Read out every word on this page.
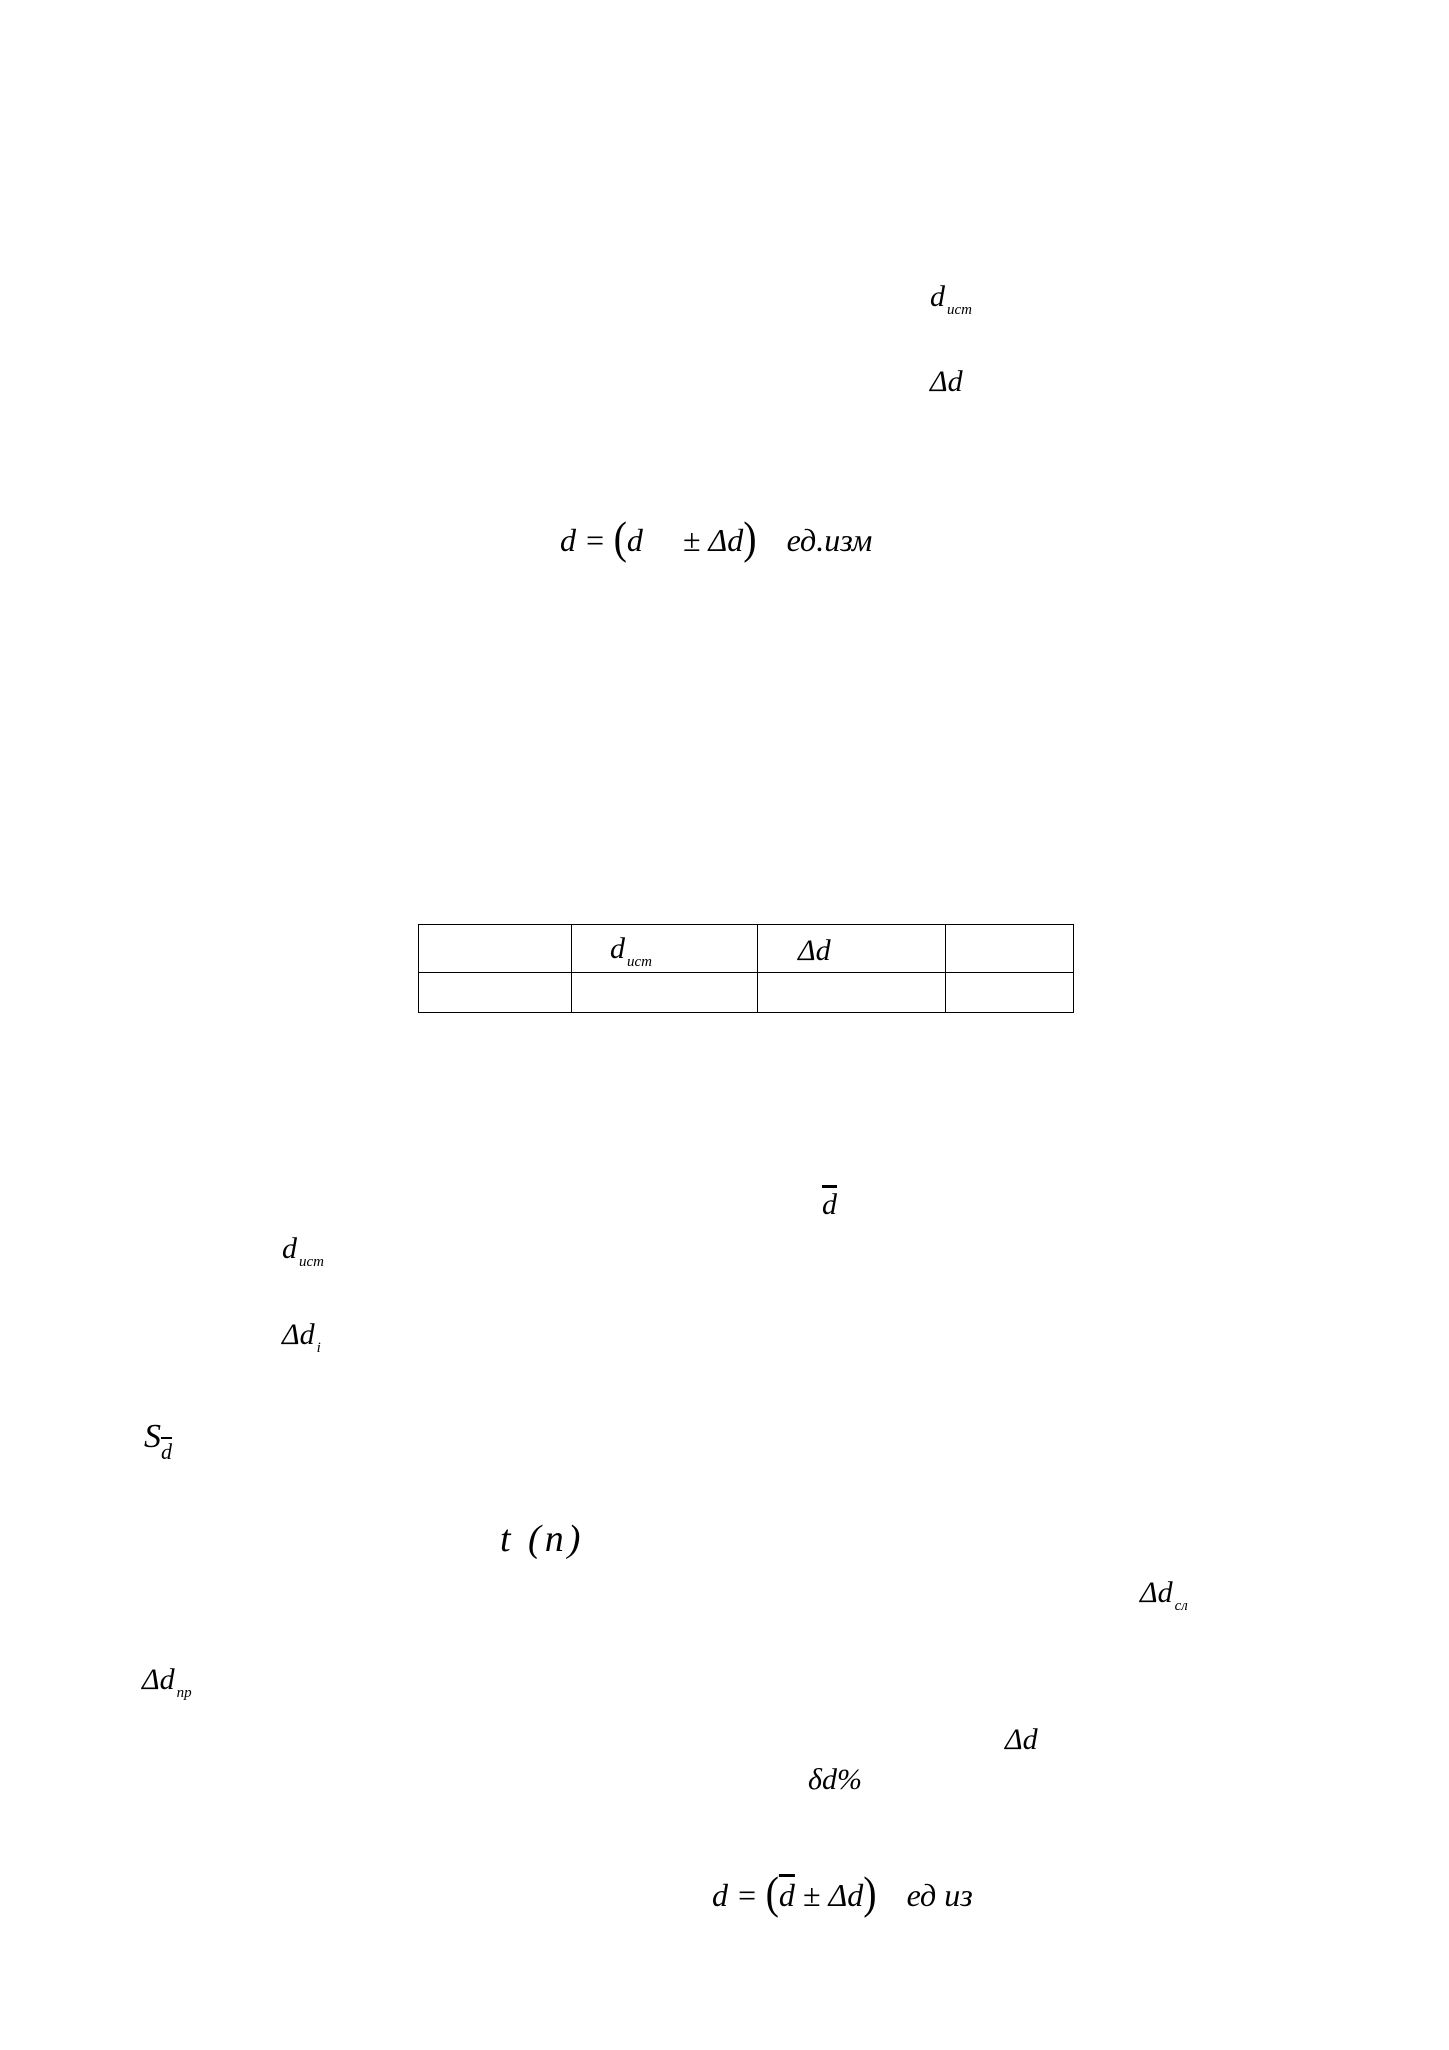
d $_{ист}$
Δd
d = (d ± Δd) ед.изм
	d $_{ист}$	Δd	

$\overline{d}$
d $_{ист}$
Δd $_i$
$S_{\overline{d}}$
t (n)
Δd $_{сл}$
Δd $_{пр}$
Δd
δd%
$d = (\overline{d} \pm \Delta d)$ ед из
